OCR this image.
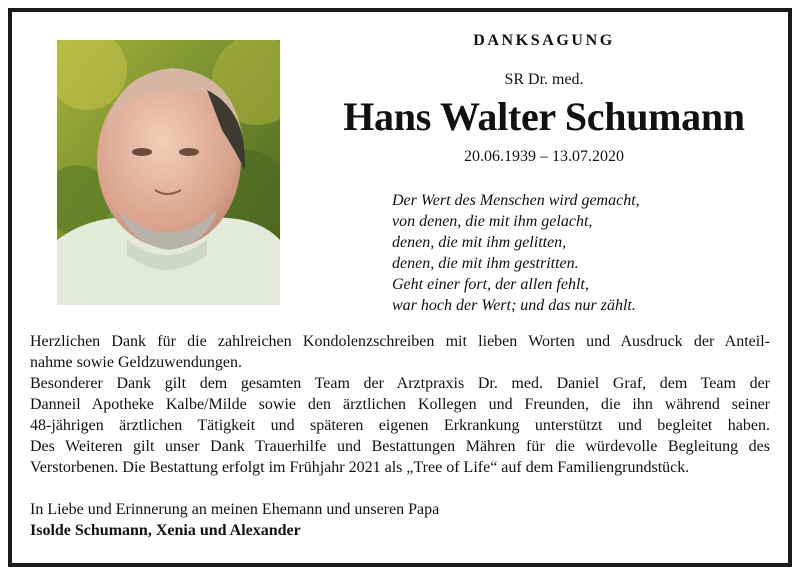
DANKSAGUNG
SR Dr. med.
Hans Walter Schumann
20.06.1939 – 13.07.2020
Der Wert des Menschen wird gemacht,
von denen, die mit ihm gelacht,
denen, die mit ihm gelitten,
denen, die mit ihm gestritten.
Geht einer fort, der allen fehlt,
war hoch der Wert; und das nur zählt.
Herzlichen Dank für die zahlreichen Kondolenzschreiben mit lieben Worten und Ausdruck der Anteil-
nahme sowie Geldzuwendungen.
Besonderer Dank gilt dem gesamten Team der Arztpraxis Dr. med. Daniel Graf, dem Team der
Danneil Apotheke Kalbe/Milde sowie den ärztlichen Kollegen und Freunden, die ihn während seiner
48-jährigen ärztlichen Tätigkeit und späteren eigenen Erkrankung unterstützt und begleitet haben.
Des Weiteren gilt unser Dank Trauerhilfe und Bestattungen Mähren für die würdevolle Begleitung des
Verstorbenen. Die Bestattung erfolgt im Frühjahr 2021 als „Tree of Life“ auf dem Familiengrundstück.
In Liebe und Erinnerung an meinen Ehemann und unseren Papa
Isolde Schumann, Xenia und Alexander
